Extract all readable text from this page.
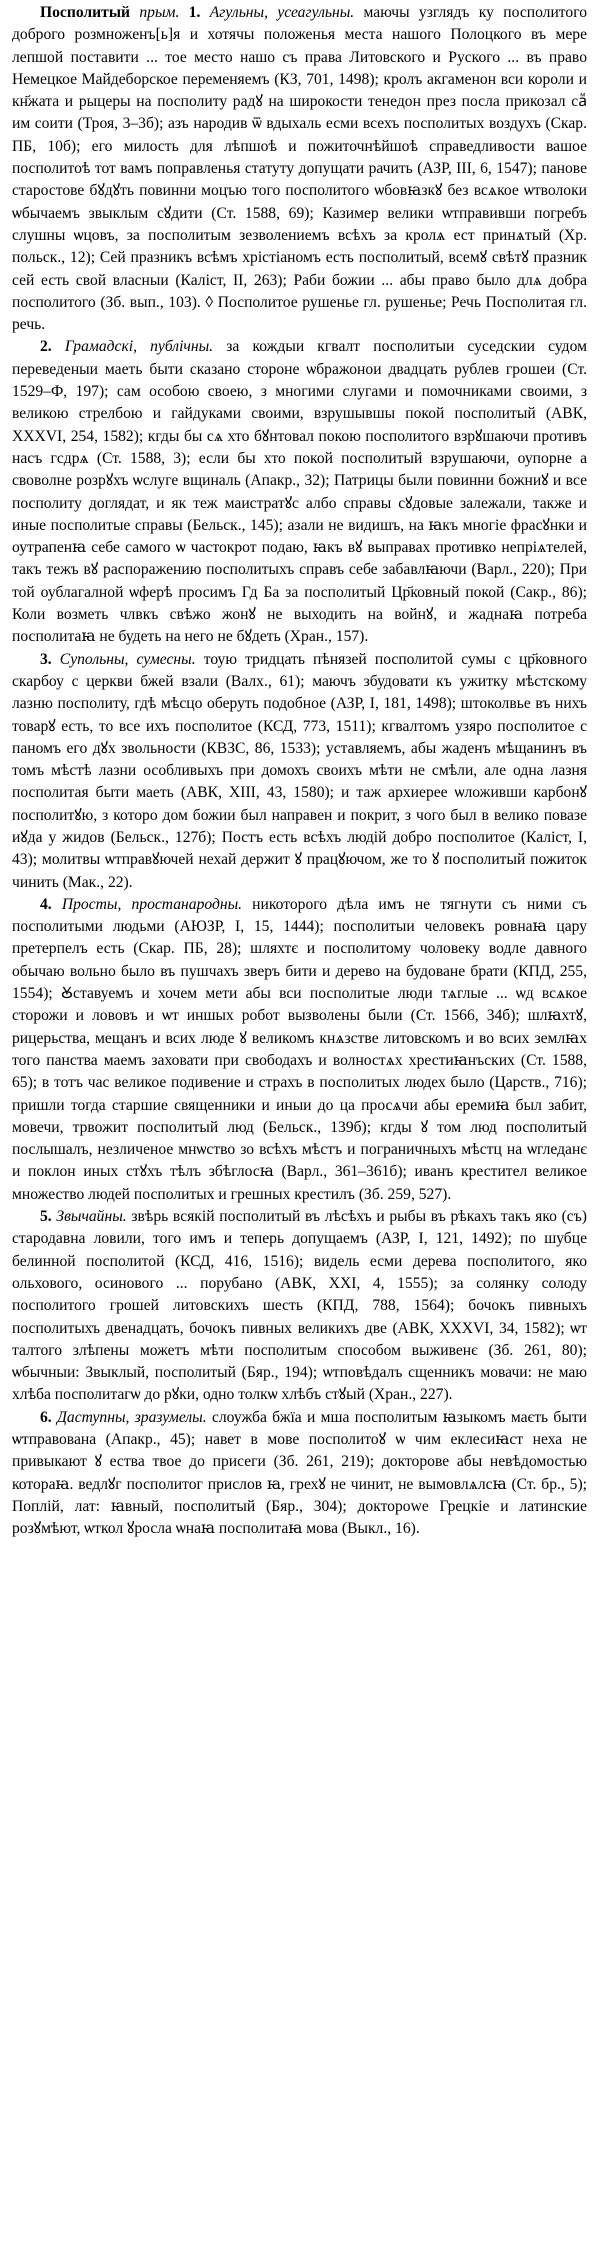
Посполитый прым. 1. Агульны, усеагульны. маючы узглядъ ку посполитого доброго розмноженъ[ь]я и хотячы положенья места нашого Полоцкого въ мере лепшой поставити ... тое место нашо съ права Литовского и Руского ... въ право Немецкое Майдеборское переменяемъ (КЗ, 701, 1498); кролъ акгаменон вси короли и кн҃жата и рыцеры на посполиту радꙋ на широкости тенедон през посла прикозал саⷨ им соити (Троя, 3–3б); азъ народив ѿ вдыхаль есми всехъ посполитых воздухъ (Скар. ПБ, 10б); его милость для лѣпшоѣ и пожиточнѣйшоѣ справедливости вашое посполитоѣ тот вамъ поправленья статуту допущати рачить (АЗР, III, 6, 1547); панове старостове бꙋдꙋть повинни моцъю того посполитого ѡбовꙗзкꙋ без всѧкое ѡтволоки ѡбычаемъ звыклым сꙋдити (Ст. 1588, 69); Казимер велики ѡтправивши погребъ слушны ѡцовъ, за посполитым зезволениемъ всѣхъ за кролѧ ест принѧтый (Хр. польск., 12); Сей празникъ всѣмъ хрiстiаномъ есть посполитый, всемꙋ свѣтꙋ празник сей есть свой власныи (Каліст, II, 263); Раби божии ... абы право было длѧ добра посполитого (Зб. вып., 103). ◊ Посполитое рушенье гл. рушенье; Речь Посполитая гл. речь.

2. Грамадскі, публічны. за кождыи кгвалт посполитыи суседскии судом переведеныи маеть быти сказано стороне ѡбражонои двадцать рублев грошеи (Ст. 1529–Ф, 197); сам особою своею, з многими слугами и помочниками своими, з великою стрелбою и гайдуками своими, взрушывшы покой посполитый (АВК, XXXVI, 254, 1582); кгды бы сѧ хто бꙋнтовал покою посполитого взрꙋшаючи противъ насъ гсдрѧ (Ст. 1588, 3); если бы хто покой посполитый взрушаючи, оупорне а своволне розрꙋхъ ѡслуге вщиналь (Апакр., 32); Патрицы были повинни божниꙋ и все посполиту доглядат, и як теж маистратꙋс албо справы сꙋдовые залежали, также и иные посполитые справы (Бельск., 145); азали не видишъ, на ꙗкъ многiе фрасꙋнки и оутрапенꙗ себе самого ѡ частокрот подаю, ꙗкъ вꙋ выправах противко непрiѧтелей, такъ тежъ вꙋ распоражению посполитыхъ справъ себе забавлꙗючи (Варл., 220); При той оублагалной ѡферѣ просимъ Гд Ба за посполитый Цр҃ковный покой (Сакр., 86); Коли возметь члвкъ свѣжо жонꙋ не выходить на войнꙋ, и жаднаꙗ потреба посполитаꙗ не будеть на него не бꙋдеть (Хран., 157).

3. Супольны, сумесны. тоую тридцать пѣнязей посполитой сумы с цр҃ковного скарбоу с церкви бжей взали (Валх., 61); маючъ збудовати къ ужитку мѣстскому лазню посполиту, гдѣ мѣсцо оберуть подобное (АЗР, I, 181, 1498); штоколвье въ нихъ товарꙋ есть, то все ихъ посполитое (КСД, 773, 1511); кгвалтомъ узяро посполитое с паномъ его дꙋх звольности (КВЗС, 86, 1533); уставляемъ, абы жаденъ мѣщанинъ въ томъ мѣстѣ лазни особливыхъ при домохъ своихъ мѣти не смѣли, але одна лазня посполитая быти маеть (АВК, XIII, 43, 1580); и таж архиерее ѡложивши карбонꙋ посполитꙋю, з которо дом божии был направен и покрит, з чого был в велико повазе иꙋда у жидов (Бельск., 127б); Постъ есть всѣхъ людій добро посполитое (Каліст, I, 43); молитвы ѡтправꙋючей нехай держит ꙋ працꙋючом, же то ꙋ посполитый пожиток чинить (Мак., 22).

4. Просты, простанародны. никоторого дѣла имъ не тягнути съ ними съ посполитыми людьми (АЮЗР, I, 15, 1444); посполитыи человекъ ровнаꙗ цару претерпелъ есть (Скар. ПБ, 28); шляхтє и посполитому чоловеку водле давного обычаю вольно было въ пушчахъ зверъ бити и дерево на будоване брати (КПД, 255, 1554); Ꙋставуемъ и хочем мети абы вси посполитые люди тѧглые ... ѡд всѧкое сторожи и лововъ и ѡт иншых робот вызволены были (Ст. 1566, 34б); шлꙗхтꙋ, рицерьства, мещанъ и всих люде ꙋ великомъ кнѧзстве литовскомъ и во всих землꙗх того панства маемъ заховати при свободахъ и волностѧх хрестиꙗнъских (Ст. 1588, 65); в тотъ час великое подивение и страхъ в посполитых людех было (Царств., 716); пришли тогда старшие священники и иныи до ца просѧчи абы еремиꙗ был забит, мовечи, трвожит посполитый люд (Бельск., 139б); кгды ꙋ том люд посполитый послышалъ, незличеное мнѡство зо всѣхъ мѣстъ и пограничныхъ мѣстц на ѡгледанє и поклон иных стꙋхъ тѣлъ збѣглосꙗ (Варл., 361–361б); иванъ крестител великое множество людей посполитых и грешных крестилъ (Зб. 259, 527).

5. Звычайны. звѣрь всякій посполитый въ лѣсѣхъ и рыбы въ рѣкахъ такъ яко (съ) стародавна ловили, того имъ и теперь допущаемъ (АЗР, I, 121, 1492); по шубце белинной посполитой (КСД, 416, 1516); видель есми дерева посполитого, яко ольхового, осинового ... порубано (АВК, XXI, 4, 1555); за солянку солоду посполитого грошей литовскихъ шесть (КПД, 788, 1564); бочокъ пивныхъ посполитыхъ двенадцать, бочокъ пивных великихъ две (АВК, XXXVI, 34, 1582); ѡт талтого злѣпены можетъ мѣти посполитым способом выживенє (Зб. 261, 80); ѡбычныи: Звыклый, посполитый (Бяр., 194); ѡтповѣдалъ сщенникъ мовачи: не маю хлѣба посполитагѡ до рꙋки, одно толкѡ хлѣбъ стꙋый (Хран., 227).

6. Даступны, зразумелы. слоужба бжїа и мша посполитым ꙗзыкомъ маєть быти ѡтправована (Апакр., 45); навет в мове посполитоꙋ ѡ чим еклесиꙗст неха не привыкают ꙋ ества твое до присеги (Зб. 261, 219); докторове абы невѣдомостью котораꙗ. ведлꙋг посполитог прислов ꙗ, грехꙋ не чинит, не вымовлѧлсꙗ (Ст. бр., 5); Поплій, лат: ꙗвный, посполитый (Бяр., 304); доктороwе Грецкiе и латинские розꙋмѣют, ѡткол ꙋросла ѡнаꙗ посполитаꙗ мова (Выкл., 16).
